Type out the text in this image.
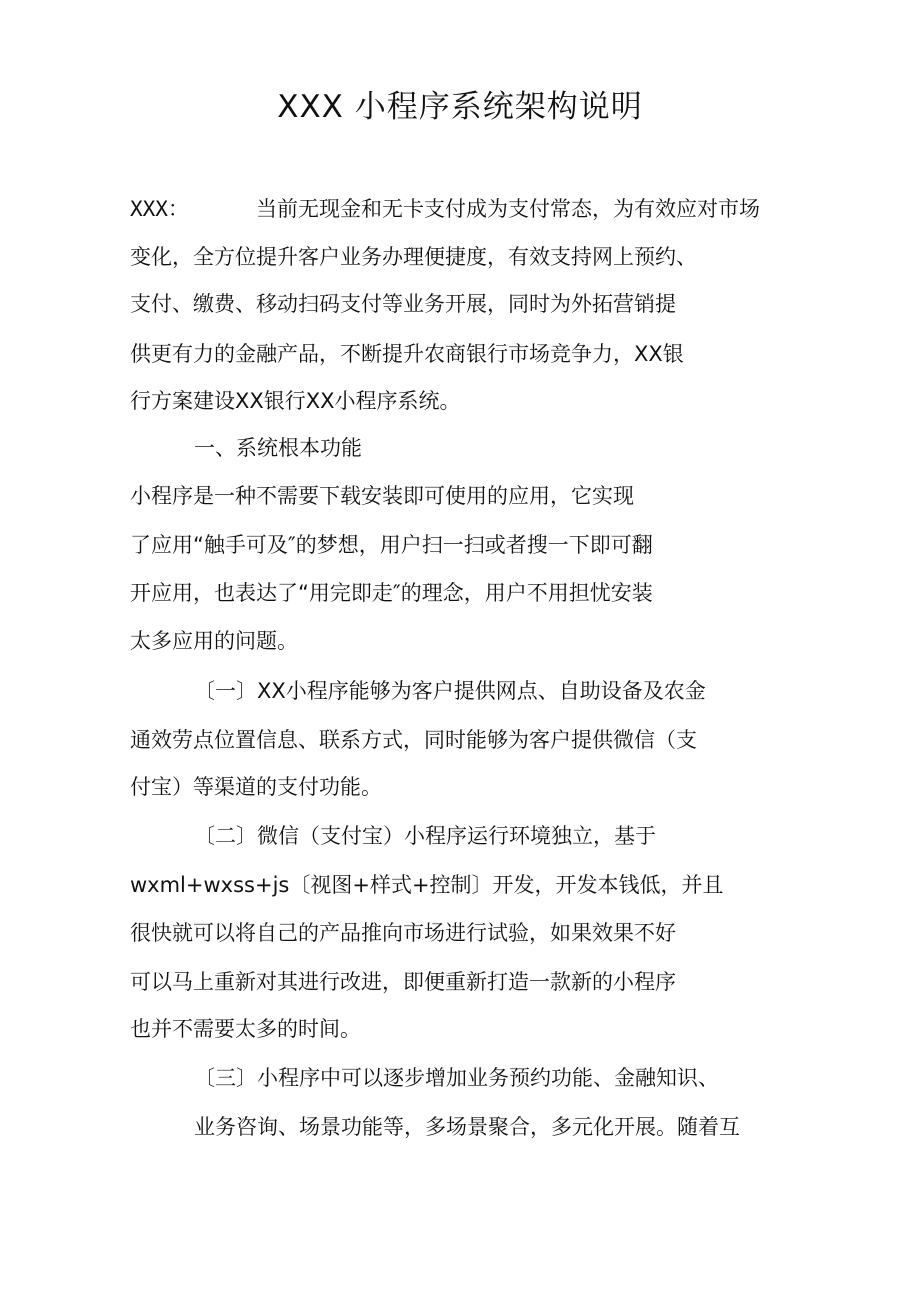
XXX 小程序系统架构说明
XXX：	当前无现金和无卡支付成为支付常态，为有效应对市场
变化，全方位提升客户业务办理便捷度，有效支持网上预约、
支付、缴费、移动扫码支付等业务开展，同时为外拓营销提
供更有力的金融产品，不断提升农商银行市场竞争力，XX银
行方案建设XX银行XX小程序系统。
一、系统根本功能
小程序是一种不需要下载安装即可使用的应用，它实现
了应用“触手可及″的梦想，用户扫一扫或者搜一下即可翻
开应用，也表达了“用完即走″的理念，用户不用担忧安装
太多应用的问题。
〔一〕XX小程序能够为客户提供网点、自助设备及农金
通效劳点位置信息、联系方式，同时能够为客户提供微信（支
付宝）等渠道的支付功能。
〔二〕微信（支付宝）小程序运行环境独立，基于
wxml+wxss+js〔视图+样式+控制〕开发，开发本钱低，并且
很快就可以将自己的产品推向市场进行试验，如果效果不好
可以马上重新对其进行改进，即便重新打造一款新的小程序
也并不需要太多的时间。
〔三〕小程序中可以逐步增加业务预约功能、金融知识、
业务咨询、场景功能等，多场景聚合，多元化开展。随着互
